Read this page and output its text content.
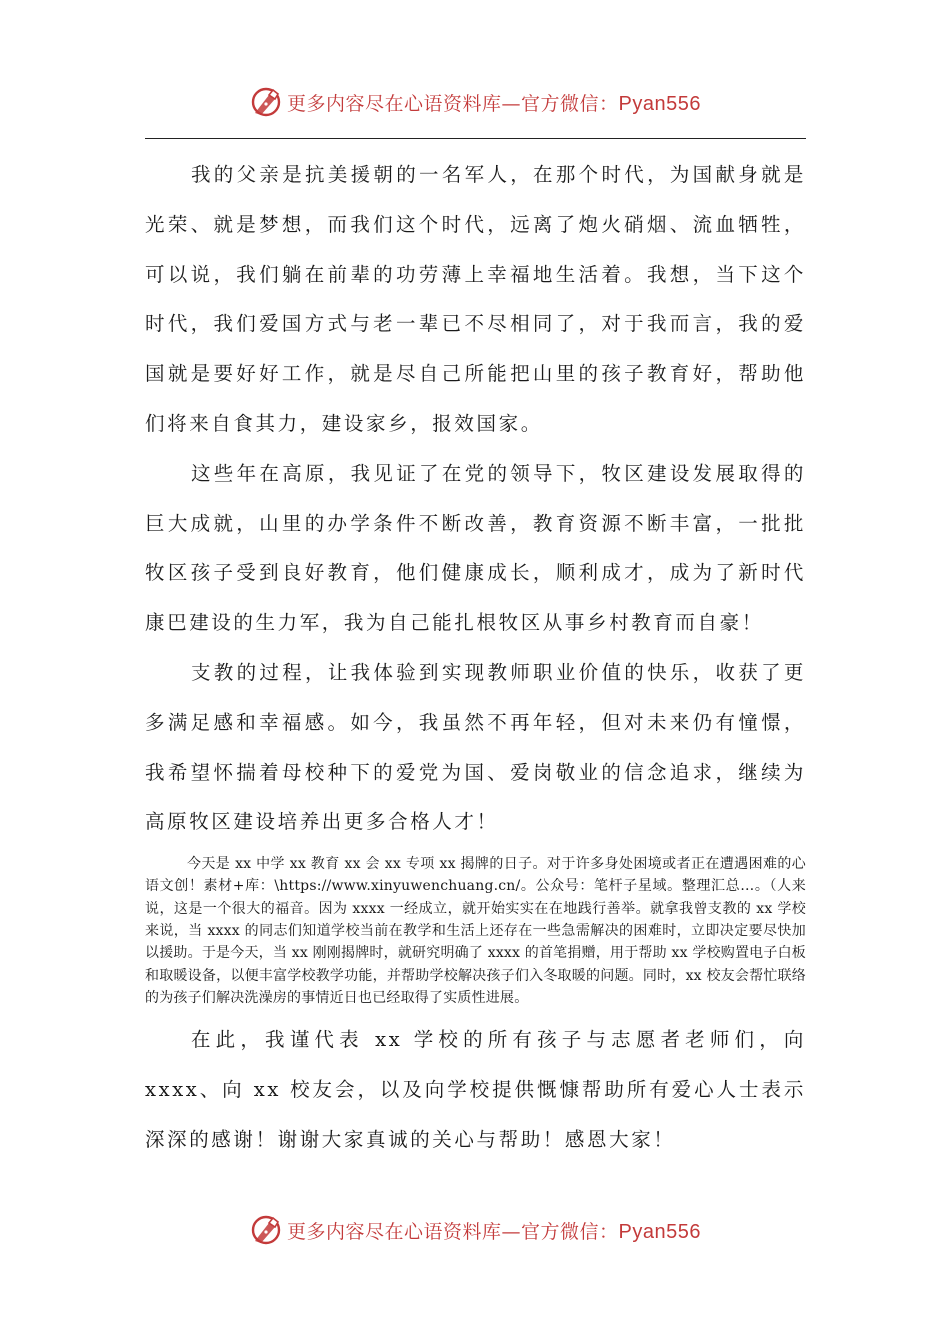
更多内容尽在心语资料库—官方微信：Pyan556

我的父亲是抗美援朝的一名军人，在那个时代，为国献身就是光荣、就是梦想，而我们这个时代，远离了炮火硝烟、流血牺牲，可以说，我们躺在前辈的功劳薄上幸福地生活着。我想，当下这个时代，我们爱国方式与老一辈已不尽相同了，对于我而言，我的爱国就是要好好工作，就是尽自己所能把山里的孩子教育好，帮助他们将来自食其力，建设家乡，报效国家。

这些年在高原，我见证了在党的领导下，牧区建设发展取得的巨大成就，山里的办学条件不断改善，教育资源不断丰富，一批批牧区孩子受到良好教育，他们健康成长，顺利成才，成为了新时代康巴建设的生力军，我为自己能扎根牧区从事乡村教育而自豪！

支教的过程，让我体验到实现教师职业价值的快乐，收获了更多满足感和幸福感。如今，我虽然不再年轻，但对未来仍有憧憬，我希望怀揣着母校种下的爱党为国、爱岗敬业的信念追求，继续为高原牧区建设培养出更多合格人才！

今天是 xx 中学 xx 教育 xx 会 xx 专项 xx 揭牌的日子。对于许多身处困境或者正在遭遇困难的心语文创！素材+库：\https://www.xinyuwenchuang.cn/。公众号：笔杆子星域。整理汇总…。（人来说，这是一个很大的福音。因为 xxxx 一经成立，就开始实实在在地践行善举。就拿我曾支教的 xx 学校来说，当 xxxx 的同志们知道学校当前在教学和生活上还存在一些急需解决的困难时，立即决定要尽快加以援助。于是今天，当 xx 刚刚揭牌时，就研究明确了 xxxx 的首笔捐赠，用于帮助 xx 学校购置电子白板和取暖设备，以便丰富学校教学功能，并帮助学校解决孩子们入冬取暖的问题。同时，xx 校友会帮忙联络的为孩子们解决洗澡房的事情近日也已经取得了实质性进展。

在此，我谨代表 xx 学校的所有孩子与志愿者老师们，向 xxxx、向 xx 校友会，以及向学校提供慨慷帮助所有爱心人士表示深深的感谢！谢谢大家真诚的关心与帮助！感恩大家！

更多内容尽在心语资料库—官方微信：Pyan556
